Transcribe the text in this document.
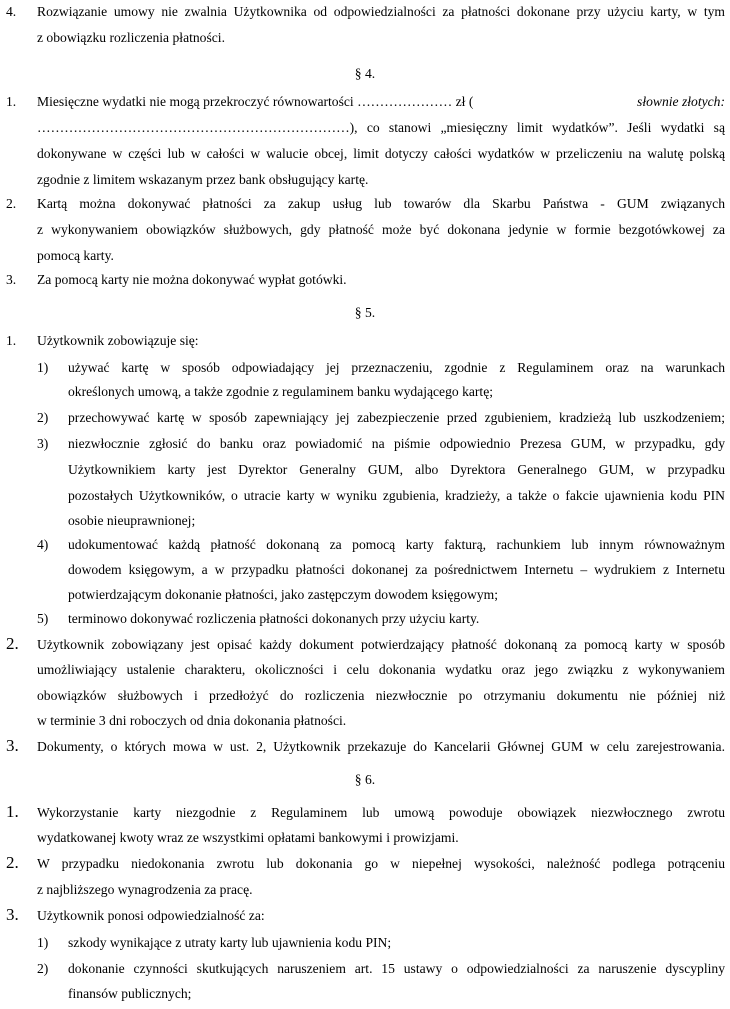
4. Rozwiązanie umowy nie zwalnia Użytkownika od odpowiedzialności za płatności dokonane przy użyciu karty, w tym
z obowiązku rozliczenia płatności.
§ 4.
1. Miesięczne wydatki nie mogą przekroczyć równowartości ………………… zł (	słownie złotych:
……………………………………………………………), co stanowi „miesięczny limit wydatków”. Jeśli wydatki są
dokonywane w części lub w całości w walucie obcej, limit dotyczy całości wydatków w przeliczeniu na walutę polską
zgodnie z limitem wskazanym przez bank obsługujący kartę.
2. Kartą można dokonywać płatności za zakup usług lub towarów dla Skarbu Państwa - GUM związanych
z wykonywaniem obowiązków służbowych, gdy płatność może być dokonana jedynie w formie bezgotówkowej za
pomocą karty.
3. Za pomocą karty nie można dokonywać wypłat gotówki.
§ 5.
1. Użytkownik zobowiązuje się:
1) używać kartę w sposób odpowiadający jej przeznaczeniu, zgodnie z Regulaminem oraz na warunkach
określonych umową, a także zgodnie z regulaminem banku wydającego kartę;
2) przechowywać kartę w sposób zapewniający jej zabezpieczenie przed zgubieniem, kradzieżą lub uszkodzeniem;
3) niezwłocznie zgłosić do banku oraz powiadomić na piśmie odpowiednio Prezesa GUM, w przypadku, gdy
Użytkownikiem karty jest Dyrektor Generalny GUM, albo Dyrektora Generalnego GUM, w przypadku
pozostałych Użytkowników, o utracie karty w wyniku zgubienia, kradzieży, a także o fakcie ujawnienia kodu PIN
osobie nieuprawnionej;
4) udokumentować każdą płatność dokonaną za pomocą karty fakturą, rachunkiem lub innym równoważnym
dowodem księgowym, a w przypadku płatności dokonanej za pośrednictwem Internetu – wydrukiem z Internetu
potwierdzającym dokonanie płatności, jako zastępczym dowodem księgowym;
5) terminowo dokonywać rozliczenia płatności dokonanych przy użyciu karty.
2. Użytkownik zobowiązany jest opisać każdy dokument potwierdzający płatność dokonaną za pomocą karty w sposób
umożliwiający ustalenie charakteru, okoliczności i celu dokonania wydatku oraz jego związku z wykonywaniem
obowiązków służbowych i przedłożyć do rozliczenia niezwłocznie po otrzymaniu dokumentu nie później niż
w terminie 3 dni roboczych od dnia dokonania płatności.
3. Dokumenty, o których mowa w ust. 2, Użytkownik przekazuje do Kancelarii Głównej GUM w celu zarejestrowania.
§ 6.
1. Wykorzystanie karty niezgodnie z Regulaminem lub umową powoduje obowiązek niezwłocznego zwrotu
wydatkowanej kwoty wraz ze wszystkimi opłatami bankowymi i prowizjami.
2. W przypadku niedokonania zwrotu lub dokonania go w niepełnej wysokości, należność podlega potrąceniu
z najbliższego wynagrodzenia za pracę.
3. Użytkownik ponosi odpowiedzialność za:
1) szkody wynikające z utraty karty lub ujawnienia kodu PIN;
2) dokonanie czynności skutkujących naruszeniem art. 15 ustawy o odpowiedzialności za naruszenie dyscypliny
finansów publicznych;
